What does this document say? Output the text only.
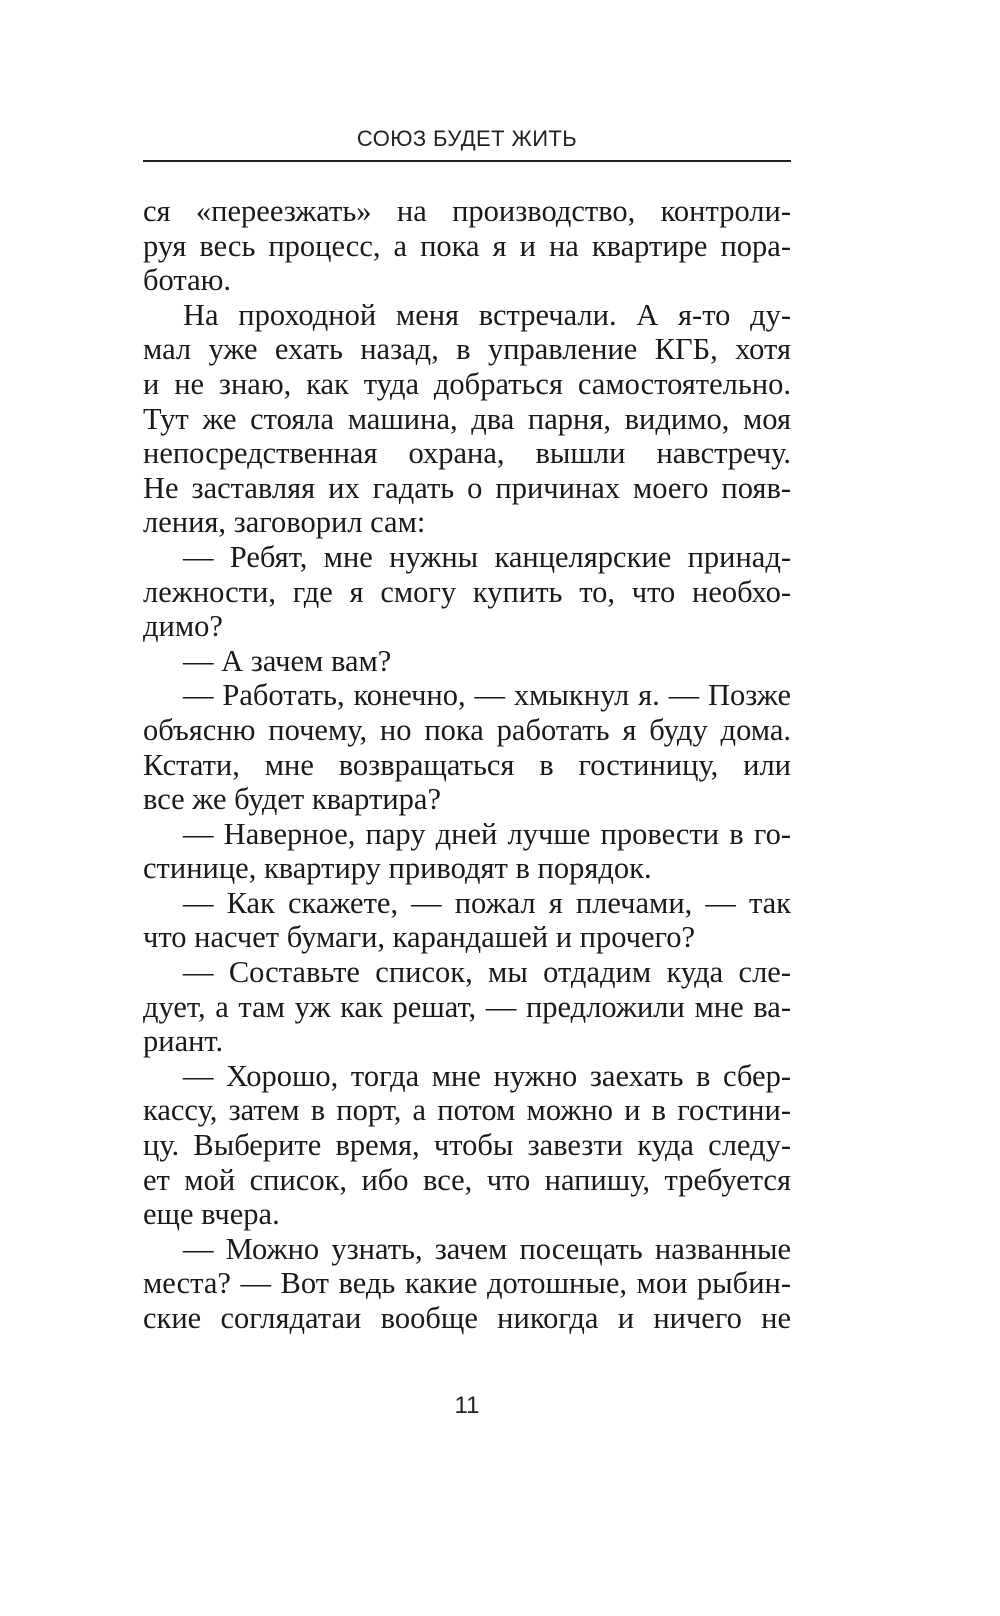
СОЮЗ БУДЕТ ЖИТЬ
ся «переезжать» на производство, контроли-
руя весь процесс, а пока я и на квартире пора-
ботаю.
На проходной меня встречали. А я-то ду-
мал уже ехать назад, в управление КГБ, хотя
и не знаю, как туда добраться самостоятельно.
Тут же стояла машина, два парня, видимо, моя
непосредственная охрана, вышли навстречу.
Не заставляя их гадать о причинах моего появ-
ления, заговорил сам:
— Ребят, мне нужны канцелярские принад-
лежности, где я смогу купить то, что необхо-
димо?
— А зачем вам?
— Работать, конечно, — хмыкнул я. — Позже
объясню почему, но пока работать я буду дома.
Кстати, мне возвращаться в гостиницу, или
все же будет квартира?
— Наверное, пару дней лучше провести в го-
стинице, квартиру приводят в порядок.
— Как скажете, — пожал я плечами, — так
что насчет бумаги, карандашей и прочего?
— Составьте список, мы отдадим куда сле-
дует, а там уж как решат, — предложили мне ва-
риант.
— Хорошо, тогда мне нужно заехать в сбер-
кассу, затем в порт, а потом можно и в гостини-
цу. Выберите время, чтобы завезти куда следу-
ет мой список, ибо все, что напишу, требуется
еще вчера.
— Можно узнать, зачем посещать названные
места? — Вот ведь какие дотошные, мои рыбин-
ские соглядатаи вообще никогда и ничего не
11
